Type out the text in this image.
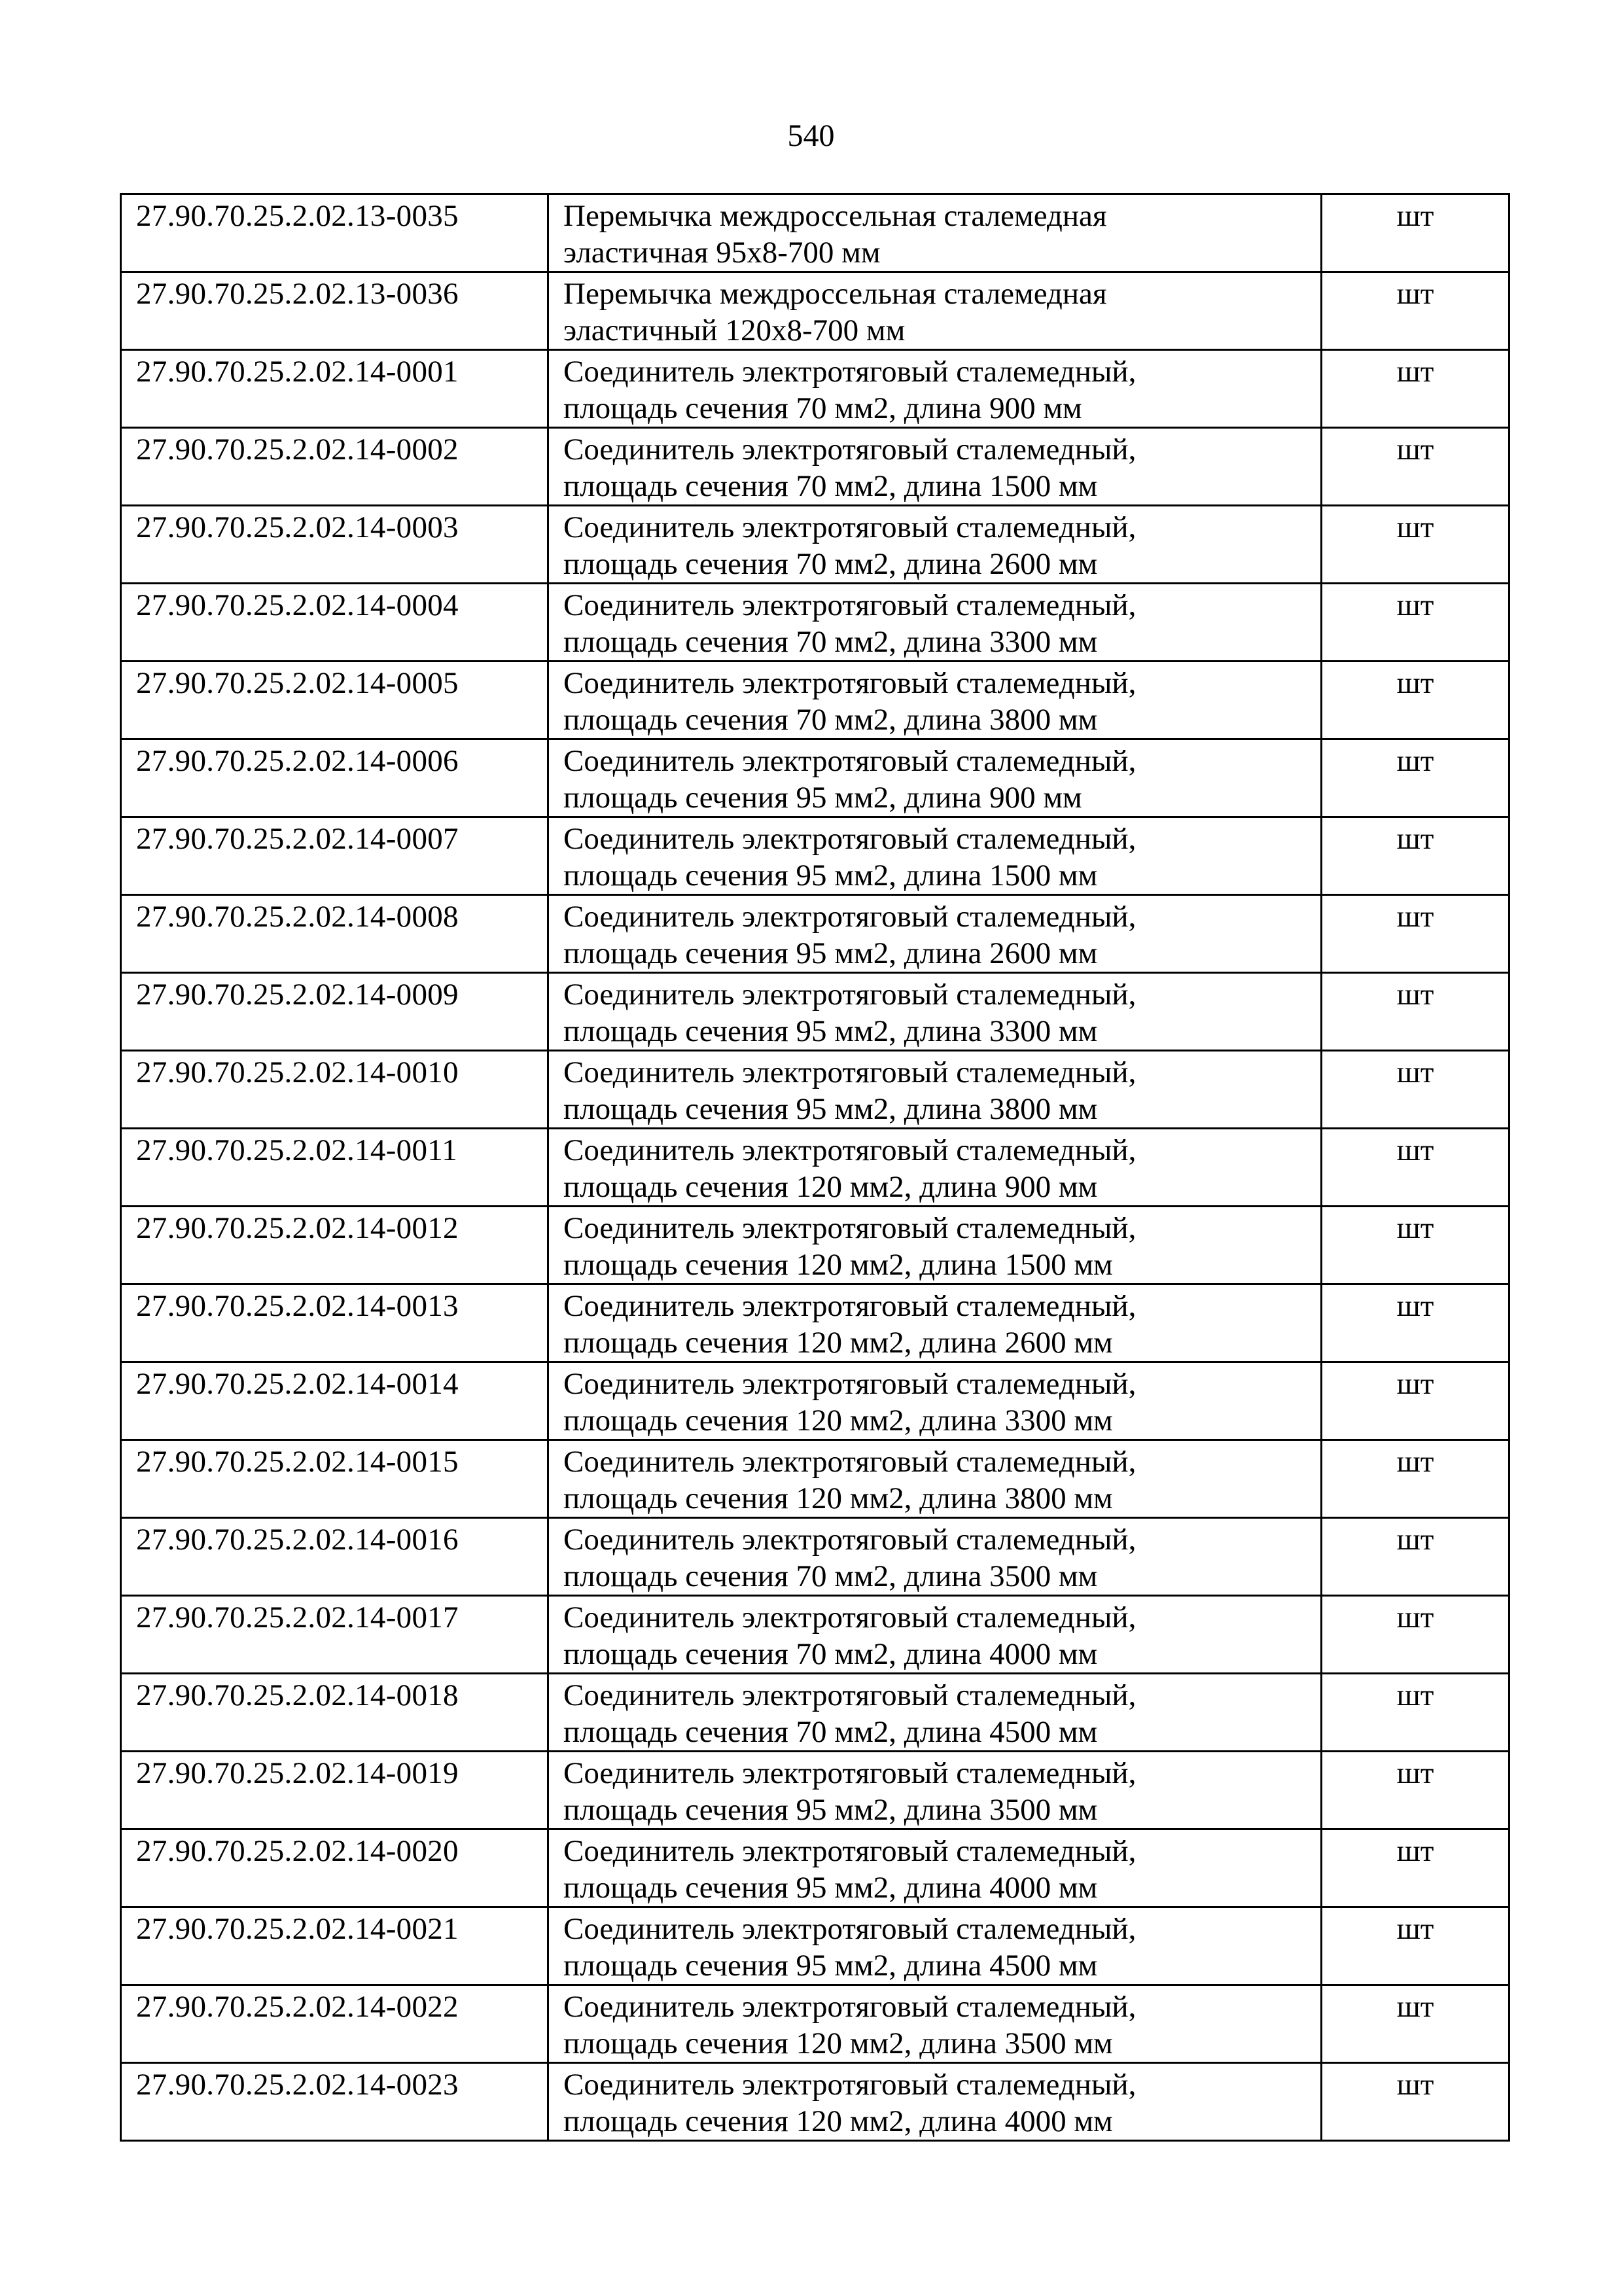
540
27.90.70.25.2.02.13-0035	Перемычка междроссельная сталемедная
эластичная 95х8-700 мм	шт
27.90.70.25.2.02.13-0036	Перемычка междроссельная сталемедная
эластичный 120х8-700 мм	шт
27.90.70.25.2.02.14-0001	Соединитель электротяговый сталемедный,
площадь сечения 70 мм2, длина 900 мм	шт
27.90.70.25.2.02.14-0002	Соединитель электротяговый сталемедный,
площадь сечения 70 мм2, длина 1500 мм	шт
27.90.70.25.2.02.14-0003	Соединитель электротяговый сталемедный,
площадь сечения 70 мм2, длина 2600 мм	шт
27.90.70.25.2.02.14-0004	Соединитель электротяговый сталемедный,
площадь сечения 70 мм2, длина 3300 мм	шт
27.90.70.25.2.02.14-0005	Соединитель электротяговый сталемедный,
площадь сечения 70 мм2, длина 3800 мм	шт
27.90.70.25.2.02.14-0006	Соединитель электротяговый сталемедный,
площадь сечения 95 мм2, длина 900 мм	шт
27.90.70.25.2.02.14-0007	Соединитель электротяговый сталемедный,
площадь сечения 95 мм2, длина 1500 мм	шт
27.90.70.25.2.02.14-0008	Соединитель электротяговый сталемедный,
площадь сечения 95 мм2, длина 2600 мм	шт
27.90.70.25.2.02.14-0009	Соединитель электротяговый сталемедный,
площадь сечения 95 мм2, длина 3300 мм	шт
27.90.70.25.2.02.14-0010	Соединитель электротяговый сталемедный,
площадь сечения 95 мм2, длина 3800 мм	шт
27.90.70.25.2.02.14-0011	Соединитель электротяговый сталемедный,
площадь сечения 120 мм2, длина 900 мм	шт
27.90.70.25.2.02.14-0012	Соединитель электротяговый сталемедный,
площадь сечения 120 мм2, длина 1500 мм	шт
27.90.70.25.2.02.14-0013	Соединитель электротяговый сталемедный,
площадь сечения 120 мм2, длина 2600 мм	шт
27.90.70.25.2.02.14-0014	Соединитель электротяговый сталемедный,
площадь сечения 120 мм2, длина 3300 мм	шт
27.90.70.25.2.02.14-0015	Соединитель электротяговый сталемедный,
площадь сечения 120 мм2, длина 3800 мм	шт
27.90.70.25.2.02.14-0016	Соединитель электротяговый сталемедный,
площадь сечения 70 мм2, длина 3500 мм	шт
27.90.70.25.2.02.14-0017	Соединитель электротяговый сталемедный,
площадь сечения 70 мм2, длина 4000 мм	шт
27.90.70.25.2.02.14-0018	Соединитель электротяговый сталемедный,
площадь сечения 70 мм2, длина 4500 мм	шт
27.90.70.25.2.02.14-0019	Соединитель электротяговый сталемедный,
площадь сечения 95 мм2, длина 3500 мм	шт
27.90.70.25.2.02.14-0020	Соединитель электротяговый сталемедный,
площадь сечения 95 мм2, длина 4000 мм	шт
27.90.70.25.2.02.14-0021	Соединитель электротяговый сталемедный,
площадь сечения 95 мм2, длина 4500 мм	шт
27.90.70.25.2.02.14-0022	Соединитель электротяговый сталемедный,
площадь сечения 120 мм2, длина 3500 мм	шт
27.90.70.25.2.02.14-0023	Соединитель электротяговый сталемедный,
площадь сечения 120 мм2, длина 4000 мм	шт
